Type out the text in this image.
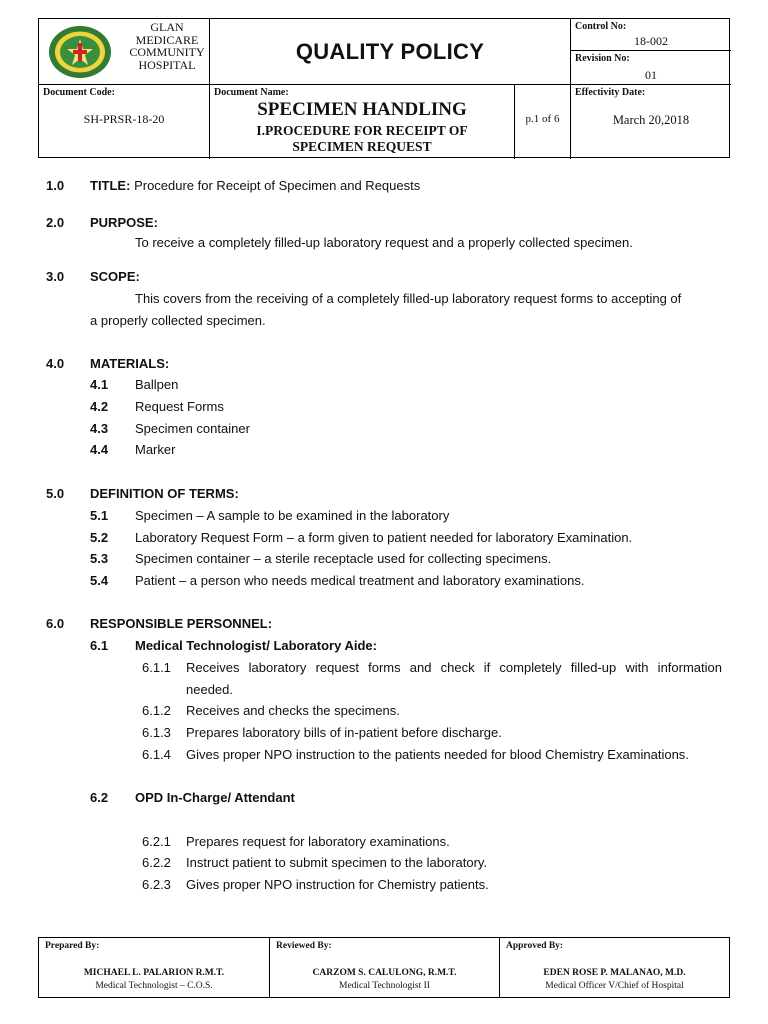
GLAN
MEDICARE
COMMUNITY
HOSPITAL
QUALITY POLICY
Control No:
18-002
Revision No:
01
Document Code:
SH-PRSR-18-20
Document Name:
SPECIMEN HANDLING
I.PROCEDURE FOR RECEIPT OF
SPECIMEN REQUEST
p.1 of 6
Effectivity Date:
March 20,2018
1.0 TITLE: Procedure for Receipt of Specimen and Requests
2.0 PURPOSE:
To receive a completely filled-up laboratory request and a properly collected specimen.
3.0 SCOPE:
This covers from the receiving of a completely filled-up laboratory request forms to accepting of
a properly collected specimen.
4.0 MATERIALS:
4.1 Ballpen
4.2 Request Forms
4.3 Specimen container
4.4 Marker
5.0 DEFINITION OF TERMS:
5.1 Specimen – A sample to be examined in the laboratory
5.2 Laboratory Request Form – a form given to patient needed for laboratory Examination.
5.3 Specimen container – a sterile receptacle used for collecting specimens.
5.4 Patient – a person who needs medical treatment and laboratory examinations.
6.0 RESPONSIBLE PERSONNEL:
6.1 Medical Technologist/ Laboratory Aide:
6.1.1 Receives laboratory request forms and check if completely filled-up with information
needed.
6.1.2 Receives and checks the specimens.
6.1.3 Prepares laboratory bills of in-patient before discharge.
6.1.4 Gives proper NPO instruction to the patients needed for blood Chemistry Examinations.
6.2 OPD In-Charge/ Attendant
6.2.1 Prepares request for laboratory examinations.
6.2.2 Instruct patient to submit specimen to the laboratory.
6.2.3 Gives proper NPO instruction for Chemistry patients.
Prepared By:
MICHAEL L. PALARION R.M.T.
Medical Technologist – C.O.S.
Reviewed By:
CARZOM S. CALULONG, R.M.T.
Medical Technologist II
Approved By:
EDEN ROSE P. MALANAO, M.D.
Medical Officer V/Chief of Hospital
